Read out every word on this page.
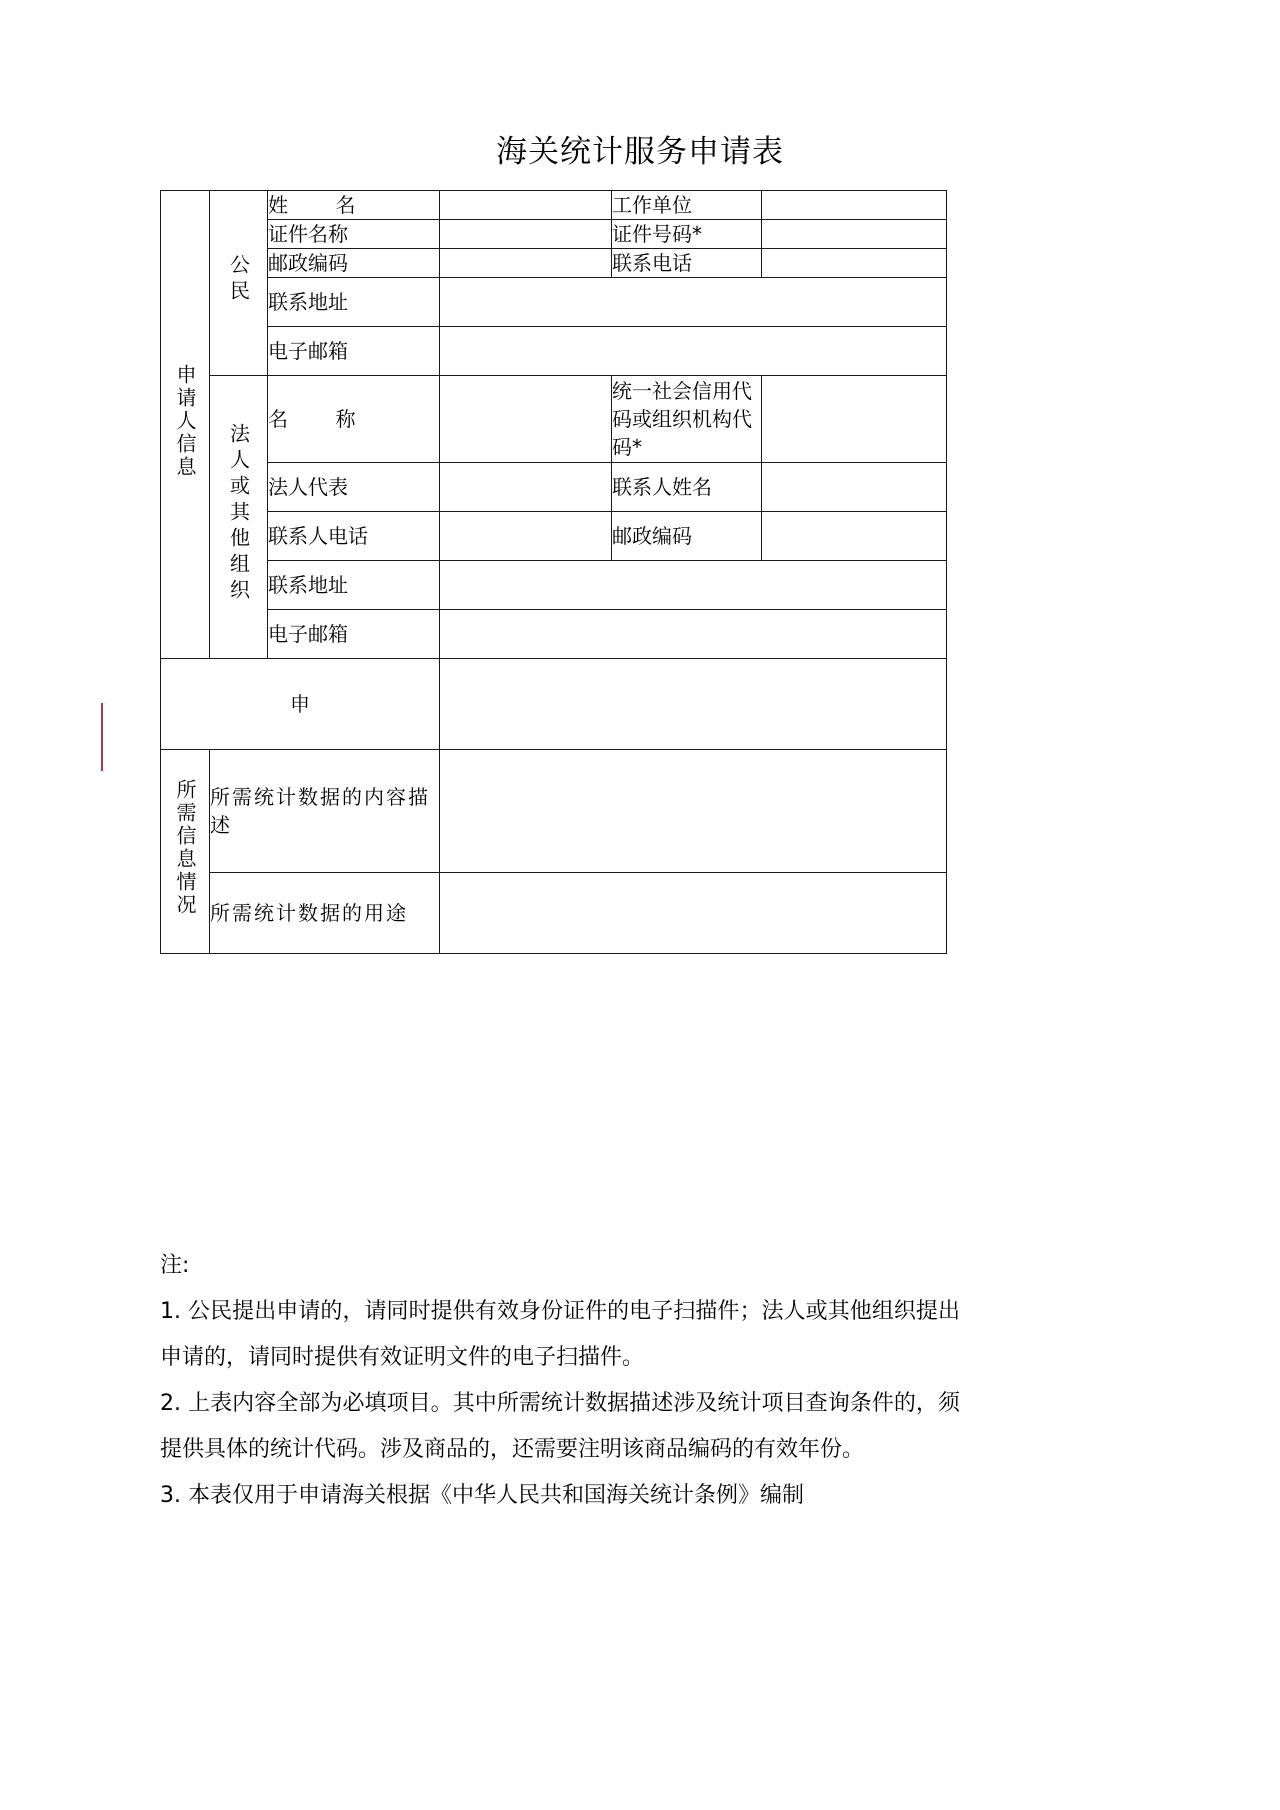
海关统计服务申请表
申请人信息	公民	姓　　名		工作单位	
		证件名称		证件号码*	
		邮政编码		联系电话	
		联系地址			
		电子邮箱			
	法人或其他组织	名　　称		统一社会信用代码或组织机构代码*	
		法人代表		联系人姓名	
		联系人电话		邮政编码	
		联系地址			
		电子邮箱			
申					
所需信息情况	所需统计数据的内容描述				
	所需统计数据的用途				

注:

1. 公民提出申请的，请同时提供有效身份证件的电子扫描件；法人或其他组织提出申请的，请同时提供有效证明文件的电子扫描件。

2. 上表内容全部为必填项目。其中所需统计数据描述涉及统计项目查询条件的，须提供具体的统计代码。涉及商品的，还需要注明该商品编码的有效年份。

3. 本表仅用于申请海关根据《中华人民共和国海关统计条例》编制
